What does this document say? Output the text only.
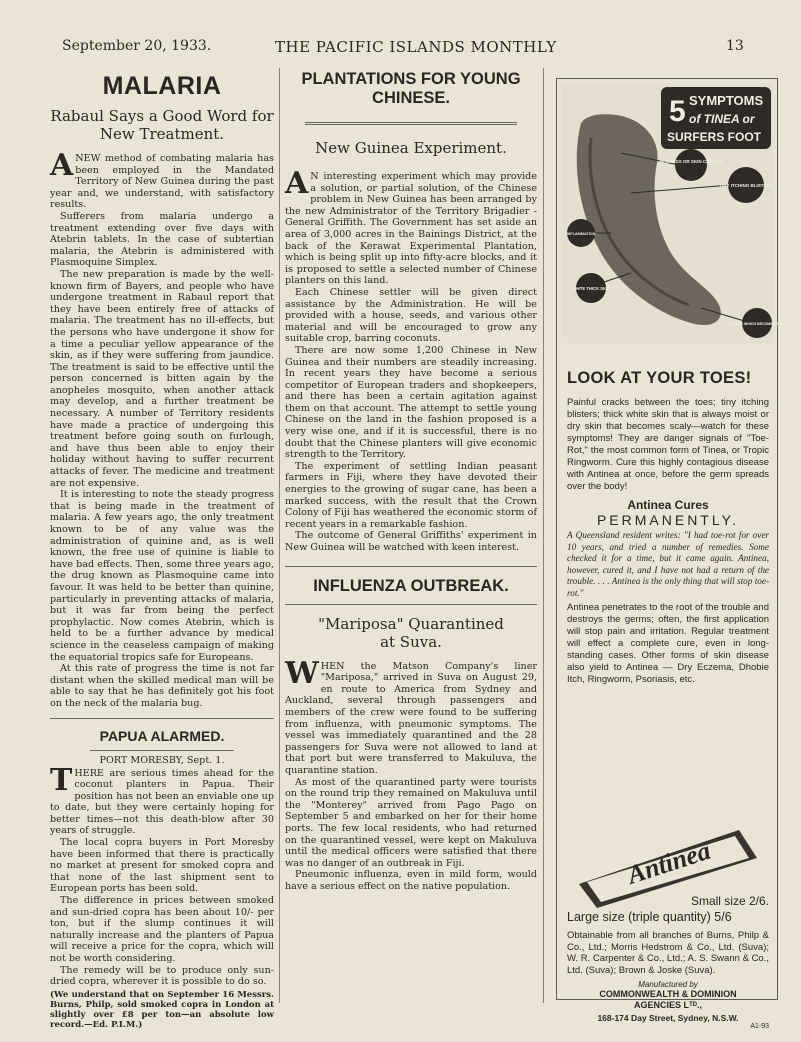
September 20, 1933.	THE PACIFIC ISLANDS MONTHLY	13
MALARIA
Rabaul Says a Good Word for New Treatment.

ANEW method of combating malaria has been employed in the Mandated Territory of New Guinea during the past year and, we understand, with satisfactory results.

Sufferers from malaria undergo a treatment extending over five days with Atebrin tablets. In the case of subtertian malaria, the Atebrin is administered with Plasmoquine Simplex.

The new preparation is made by the well-known firm of Bayers, and people who have undergone treatment in Rabaul report that they have been entirely free of attacks of malaria. The treatment has no ill-effects, but the persons who have undergone it show for a time a peculiar yellow appearance of the skin, as if they were suffering from jaundice. The treatment is said to be effective until the person concerned is bitten again by the anopheles mosquito, when another attack may develop, and a further treatment be necessary. A number of Territory residents have made a practice of undergoing this treatment before going south on furlough, and have thus been able to enjoy their holiday without having to suffer recurrent attacks of fever. The medicine and treatment are not expensive.

It is interesting to note the steady progress that is being made in the treatment of malaria. A few years ago, the only treatment known to be of any value was the administration of quinine and, as is well known, the free use of quinine is liable to have bad effects. Then, some three years ago, the drug known as Plasmoquine came into favour. It was held to be better than quinine, particularly in preventing attacks of malaria, but it was far from being the perfect prophylactic. Now comes Atebrin, which is held to be a further advance by medical science in the ceaseless campaign of making the equatorial tropics safe for Europeans.

At this rate of progress the time is not far distant when the skilled medical man will be able to say that he has definitely got his foot on the neck of the malaria bug.

PAPUA ALARMED.
PORT MORESBY, Sept. 1.

THERE are serious times ahead for the coconut planters in Papua. Their position has not been an enviable one up to date, but they were certainly hoping for better times—not this death-blow after 30 years of struggle.

The local copra buyers in Port Moresby have been informed that there is practically no market at present for smoked copra and that none of the last shipment sent to European ports has been sold.

The difference in prices between smoked and sun-dried copra has been about 10/- per ton, but if the slump continues it will naturally increase and the planters of Papua will receive a price for the copra, which will not be worth considering.

The remedy will be to produce only sun-dried copra, wherever it is possible to do so.

(We understand that on September 16 Messrs. Burns, Philp, sold smoked copra in London at slightly over £8 per ton—an absolute low record.—Ed. P.I.M.)

PLANTATIONS FOR YOUNG CHINESE.
New Guinea Experiment.

A N interesting experiment which may provide a solution, or partial solution, of the Chinese problem in New Guinea has been arranged by the new Administrator of the Territory Brigadier - General Griffith. The Government has set aside an area of 3,000 acres in the Bainings District, at the back of the Kerawat Experimental Plantation, which is being split up into fifty-acre blocks, and it is proposed to settle a selected number of Chinese planters on this land.

Each Chinese settler will be given direct assistance by the Administration. He will be provided with a house, seeds, and various other material and will be encouraged to grow any suitable crop, barring coconuts.

There are now some 1,200 Chinese in New Guinea and their numbers are steadily increasing. In recent years they have become a serious competitor of European traders and shopkeepers, and there has been a certain agitation against them on that account. The attempt to settle young Chinese on the land in the fashion proposed is a very wise one, and if it is successful, there is no doubt that the Chinese planters will give economic strength to the Territory.

The experiment of settling Indian peasant farmers in Fiji, where they have devoted their energies to the growing of sugar cane, has been a marked success, with the result that the Crown Colony of Fiji has weathered the economic storm of recent years in a remarkable fashion.

The outcome of General Griffiths' experiment in New Guinea will be watched with keen interest.

INFLUENZA OUTBREAK.
"Mariposa" Quarantined at Suva.

WHEN the Matson Company's liner "Mariposa," arrived in Suva on August 29, en route to America from Sydney and Auckland, several through passengers and members of the crew were found to be suffering from influenza, with pneumonic symptoms. The vessel was immediately quarantined and the 28 passengers for Suva were not allowed to land at that port but were transferred to Makuluva, the quarantine station.

As most of the quarantined party were tourists on the round trip they remained on Makuluva until the "Monterey" arrived from Pago Pago on September 5 and embarked on her for their home ports. The few local residents, who had returned on the quarantined vessel, were kept on Makuluva until the medical officers were satisfied that there was no danger of an outbreak in Fiji.

Pneumonic influenza, even in mild form, would have a serious effect on the native population.

5 SYMPTOMS
of TINEA or
SURFERS FOOT
REDNESS OR SKIN CRACKS
TINY ITCHING BLISTERS
INFLAMMATION
WHITE THICK SKIN
DRY SKIN WHICH BECOMES SCALY
LOOK AT YOUR TOES!

Painful cracks between the toes; tiny itching blisters; thick white skin that is always moist or dry skin that becomes scaly—watch for these symptoms! They are danger signals of "Toe-Rot," the most common form of Tinea, or Tropic Ringworm. Cure this highly contagious disease with Antinea at once, before the germ spreads over the body!

Antinea Cures

PERMANENTLY.

A Queensland resident writes: "I had toe-rot for over 10 years, and tried a number of remedies. Some checked it for a time, but it came again. Antinea, however, cured it, and I have not had a return of the trouble. . . . Antinea is the only thing that will stop toe-rot."

Antinea penetrates to the root of the trouble and destroys the germs; often, the first application will stop pain and irritation. Regular treatment will effect a complete cure, even in long-standing cases. Other forms of skin disease also yield to Antinea — Dry Eczema, Dhobie Itch, Ringworm, Psoriasis, etc.

Antinea
Small size 2/6.
Large size (triple quantity) 5/6
Obtainable from all branches of Burns, Philp & Co., Ltd.; Morris Hedstrom & Co., Ltd. (Suva); W. R. Carpenter & Co., Ltd.; A. S. Swann & Co., Ltd. (Suva); Brown & Joske (Suva).
Manufactured by
COMMONWEALTH & DOMINION
AGENCIES Lᵀᴰ.,
168-174 Day Street, Sydney, N.S.W.
A1-93
